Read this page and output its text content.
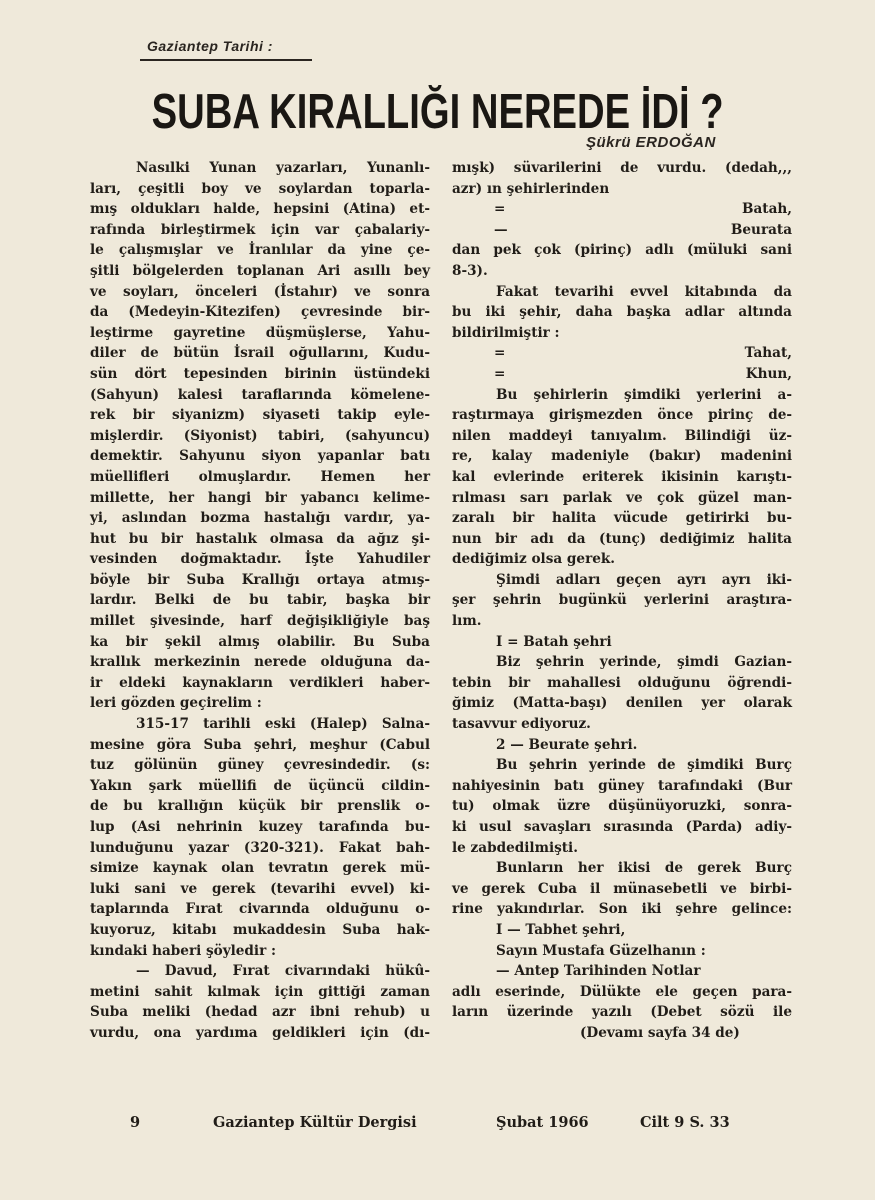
Gaziantep Tarihi :
SUBA KIRALLIĞI NEREDE İDİ ?
Şükrü ERDOĞAN
Nasılki Yunan yazarları, Yunanlı-
ları, çeşitli boy ve soylardan toparla-
mış oldukları halde, hepsini (Atina) et-
rafında birleştirmek için var çabalariy-
le çalışmışlar ve İranlılar da yine çe-
şitli bölgelerden toplanan Ari asıllı bey
ve soyları, önceleri (İstahır) ve sonra
da (Medeyin-Kitezifen) çevresinde bir-
leştirme gayretine düşmüşlerse, Yahu-
diler de bütün İsrail oğullarını, Kudu-
sün dört tepesinden birinin üstündeki
(Sahyun) kalesi taraflarında kömelene-
rek bir siyanizm) siyaseti takip eyle-
mişlerdir. (Siyonist) tabiri, (sahyuncu)
demektir. Sahyunu siyon yapanlar batı
müellifleri olmuşlardır. Hemen her
millette, her hangi bir yabancı kelime-
yi, aslından bozma hastalığı vardır, ya-
hut bu bir hastalık olmasa da ağız şi-
vesinden doğmaktadır. İşte Yahudiler
böyle bir Suba Krallığı ortaya atmış-
lardır. Belki de bu tabir, başka bir
millet şivesinde, harf değişikliğiyle baş
ka bir şekil almış olabilir. Bu Suba
krallık merkezinin nerede olduğuna da-
ir eldeki kaynakların verdikleri haber-
leri gözden geçirelim :
315-17 tarihli eski (Halep) Salna-
mesine göra Suba şehri, meşhur (Cabul
tuz gölünün güney çevresindedir. (s:
Yakın şark müellifi de üçüncü cildin-
de bu krallığın küçük bir prenslik o-
lup (Asi nehrinin kuzey tarafında bu-
lunduğunu yazar (320-321). Fakat bah-
simize kaynak olan tevratın gerek mü-
luki sani ve gerek (tevarihi evvel) ki-
taplarında Fırat civarında olduğunu o-
kuyoruz, kitabı mukaddesin Suba hak-
kındaki haberi şöyledir :
— Davud, Fırat civarındaki hükû-
metini sahit kılmak için gittiği zaman
Suba meliki (hedad azr ibni rehub) u
vurdu, ona yardıma geldikleri için (dı-
mışk) süvarilerini de vurdu. (dedah,,,
azr) ın şehirlerinden
= Batah,
— Beurata
dan pek çok (pirinç) adlı (müluki sani
8-3).
Fakat tevarihi evvel kitabında da
bu iki şehir, daha başka adlar altında
bildirilmiştir :
= Tahat,
= Khun,
Bu şehirlerin şimdiki yerlerini a-
raştırmaya girişmezden önce pirinç de-
nilen maddeyi tanıyalım. Bilindiği üz-
re, kalay madeniyle (bakır) madenini
kal evlerinde eriterek ikisinin karıştı-
rılması sarı parlak ve çok güzel man-
zaralı bir halita vücude getirirki bu-
nun bir adı da (tunç) dediğimiz halita
dediğimiz olsa gerek.
Şimdi adları geçen ayrı ayrı iki-
şer şehrin bugünkü yerlerini araştıra-
lım.
I = Batah şehri
Biz şehrin yerinde, şimdi Gazian-
tebin bir mahallesi olduğunu öğrendi-
ğimiz (Matta-başı) denilen yer olarak
tasavvur ediyoruz.
2 — Beurate şehri.
Bu şehrin yerinde de şimdiki Burç
nahiyesinin batı güney tarafındaki (Bur
tu) olmak üzre düşünüyoruzki, sonra-
ki usul savaşları sırasında (Parda) adiy-
le zabdedilmişti.
Bunların her ikisi de gerek Burç
ve gerek Cuba il münasebetli ve birbi-
rine yakındırlar. Son iki şehre gelince:
I — Tabhet şehri,
Sayın Mustafa Güzelhanın :
— Antep Tarihinden Notlar
adlı eserinde, Dülükte ele geçen para-
ların üzerinde yazılı (Debet sözü ile
(Devamı sayfa 34 de)
9	Gaziantep Kültür Dergisi	Şubat 1966	Cilt 9 S. 33
